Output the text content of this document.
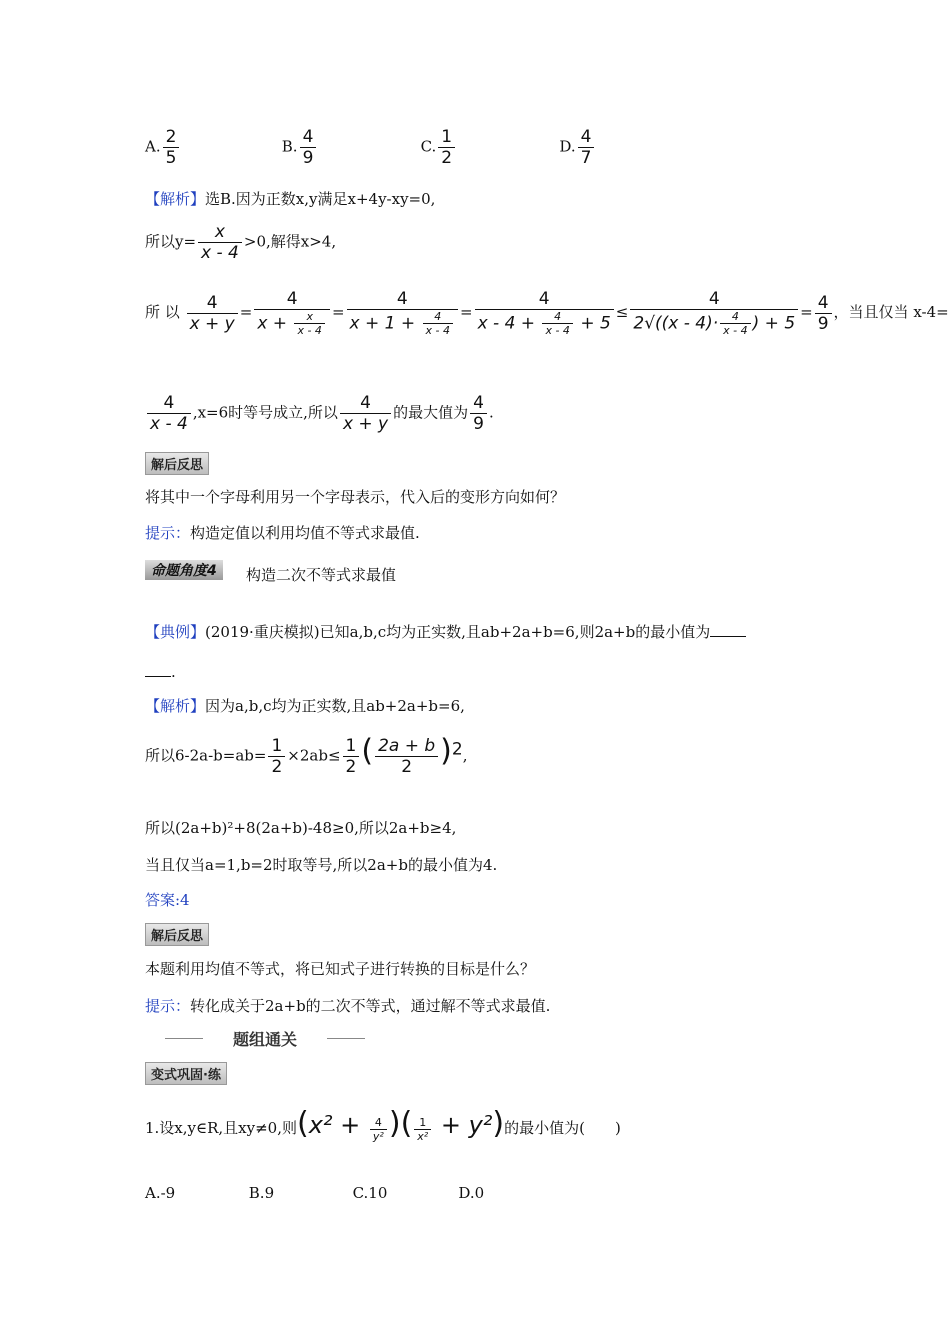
A. $\frac{2}{5}$	B. $\frac{4}{9}$	C. $\frac{1}{2}$	D. $\frac{4}{7}$
【解析】选B.因为正数x,y满足x+4y-xy=0,
所以$y= \frac{x}{x - 4} >0$,解得x>4,
所 以 $\frac{4}{x + y} = \frac{4}{x + \frac{x}{x - 4}} = \frac{4}{x + 1 + \frac{4}{x - 4}} = \frac{4}{x - 4 + \frac{4}{x - 4} + 5} \le \frac{4}{2√((x - 4)\cdot \frac{4}{x - 4} ) + 5} = \frac{4}{9}$ ，当且仅当 x-4=
$\frac{4}{x - 4} ,x=6$时等号成立,所以 $\frac{4}{x + y}$ 的最大值为 $\frac{4}{9}$ .
解后反思
将其中一个字母利用另一个字母表示，代入后的变形方向如何？
提示：构造定值以利用均值不等式求最值.
命题角度4	构造二次不等式求最值
【典例】(2019·重庆模拟)已知a,b,c均为正实数,且ab+2a+b=6,则2a+b的最小值为
.
【解析】因为a,b,c均为正实数,且ab+2a+b=6,
所以$6-2a-b=ab= \frac{1}{2} \times 2ab\le \frac{1}{2}$ ( $\frac{2a + b}{2} )^2$,
所以(2a+b)²+8(2a+b)-48≥0,所以2a+b≥4,
当且仅当a=1,b=2时取等号,所以2a+b的最小值为4.
答案:4
解后反思
本题利用均值不等式，将已知式子进行转换的目标是什么？
提示：转化成关于2a+b的二次不等式，通过解不等式求最值.
题组通关
变式巩固·练
1.设x,y∈R,且xy≠0,则($x^2 + \frac{4}{\text{y²}}$ )( $\frac{1}{\text{x²}} + y^2$)的最小值为(　　)
A.-9	B.9	C.10	D.0
